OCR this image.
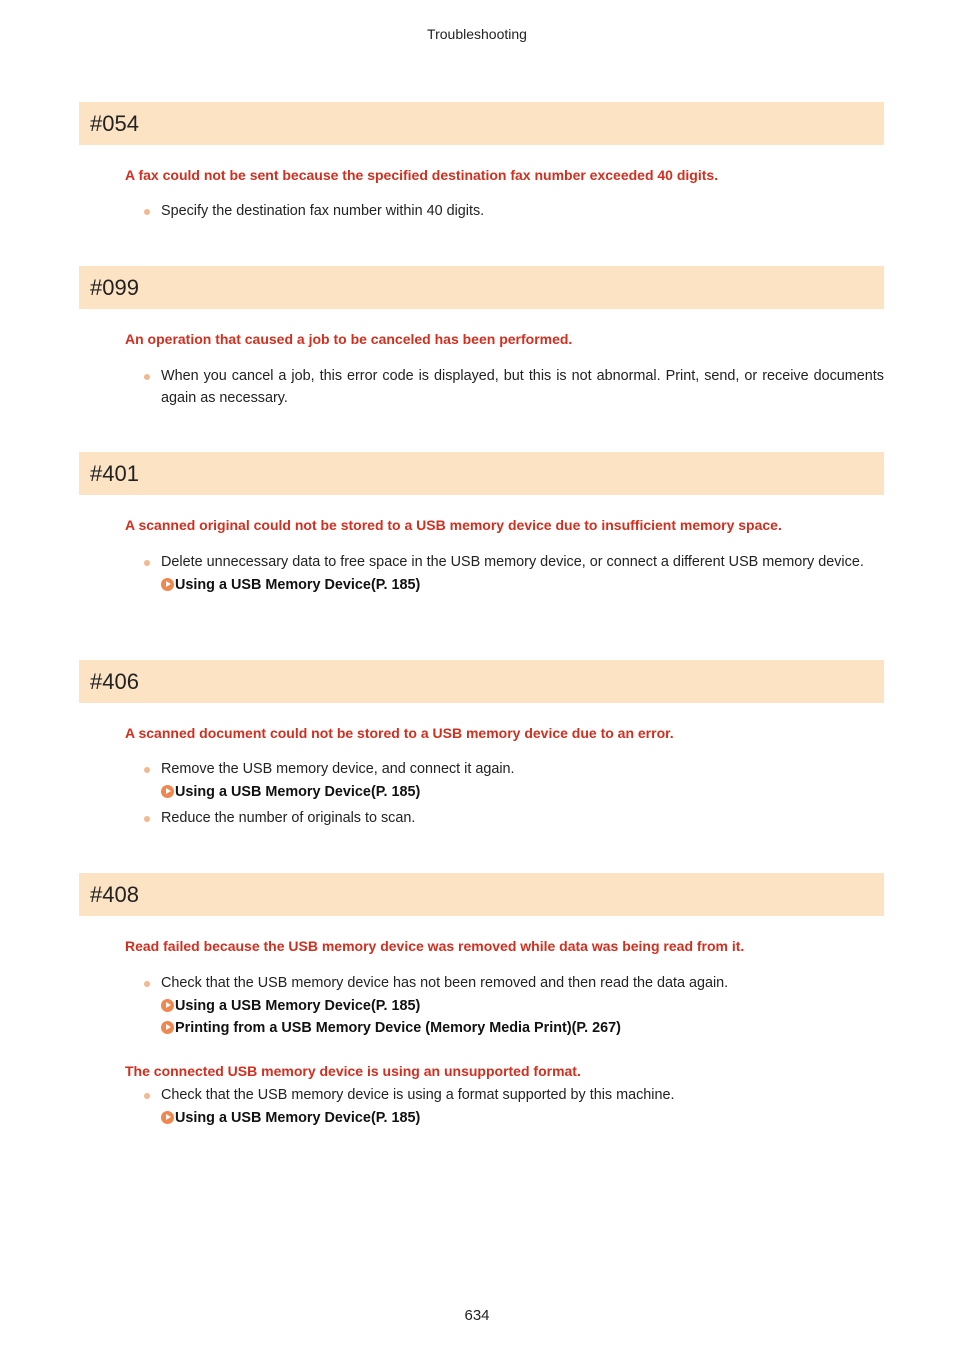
Troubleshooting
#054
A fax could not be sent because the specified destination fax number exceeded 40 digits.
Specify the destination fax number within 40 digits.
#099
An operation that caused a job to be canceled has been performed.
When you cancel a job, this error code is displayed, but this is not abnormal. Print, send, or receive documents again as necessary.
#401
A scanned original could not be stored to a USB memory device due to insufficient memory space.
Delete unnecessary data to free space in the USB memory device, or connect a different USB memory device.
Using a USB Memory Device(P. 185)
#406
A scanned document could not be stored to a USB memory device due to an error.
Remove the USB memory device, and connect it again.
Using a USB Memory Device(P. 185)
Reduce the number of originals to scan.
#408
Read failed because the USB memory device was removed while data was being read from it.
Check that the USB memory device has not been removed and then read the data again.
Using a USB Memory Device(P. 185)
Printing from a USB Memory Device (Memory Media Print)(P. 267)
The connected USB memory device is using an unsupported format.
Check that the USB memory device is using a format supported by this machine.
Using a USB Memory Device(P. 185)
634
